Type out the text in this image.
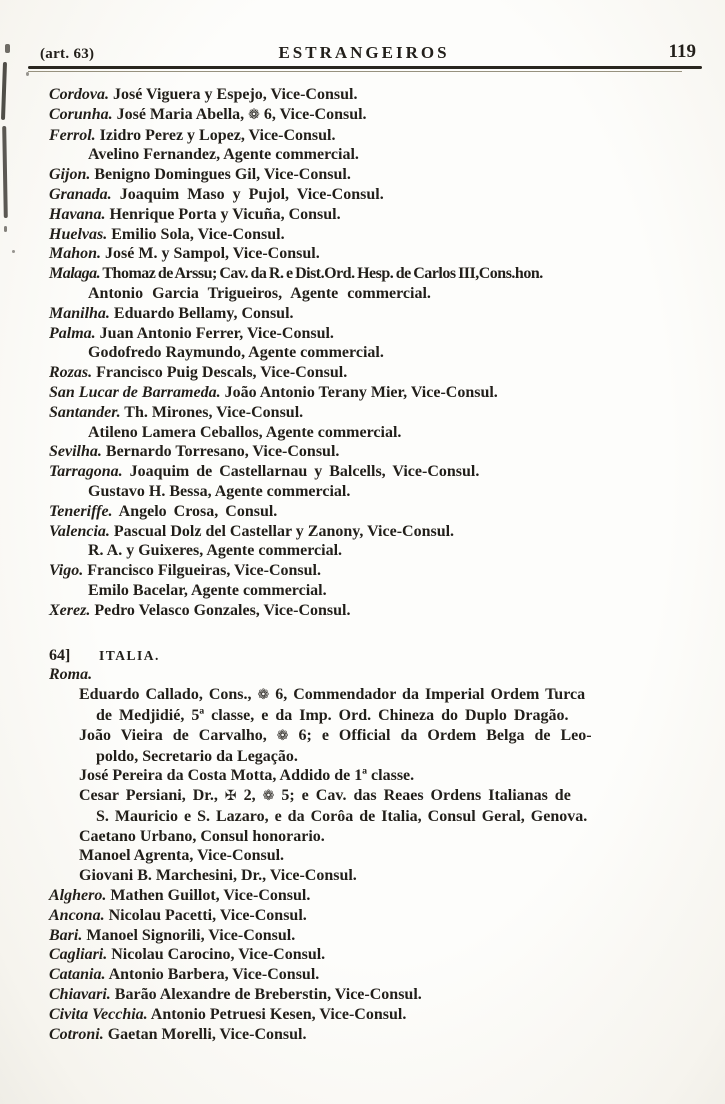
(art. 63)	ESTRANGEIROS	119
Cordova. José Viguera y Espejo, Vice-Consul.
Corunha. José Maria Abella, ❁ 6, Vice-Consul.
Ferrol. Izidro Perez y Lopez, Vice-Consul.
Avelino Fernandez, Agente commercial.
Gijon. Benigno Domingues Gil, Vice-Consul.
Granada. Joaquim Maso y Pujol, Vice-Consul.
Havana. Henrique Porta y Vicuña, Consul.
Huelvas. Emilio Sola, Vice-Consul.
Mahon. José M. y Sampol, Vice-Consul.
Malaga. Thomaz de Arssu; Cav. da R. e Dist.Ord. Hesp. de Carlos III,Cons.hon.
Antonio Garcia Trigueiros, Agente commercial.
Manilha. Eduardo Bellamy, Consul.
Palma. Juan Antonio Ferrer, Vice-Consul.
Godofredo Raymundo, Agente commercial.
Rozas. Francisco Puig Descals, Vice-Consul.
San Lucar de Barrameda. João Antonio Terany Mier, Vice-Consul.
Santander. Th. Mirones, Vice-Consul.
Atileno Lamera Ceballos, Agente commercial.
Sevilha. Bernardo Torresano, Vice-Consul.
Tarragona. Joaquim de Castellarnau y Balcells, Vice-Consul.
Gustavo H. Bessa, Agente commercial.
Teneriffe. Angelo Crosa, Consul.
Valencia. Pascual Dolz del Castellar y Zanony, Vice-Consul.
R. A. y Guixeres, Agente commercial.
Vigo. Francisco Filgueiras, Vice-Consul.
Emilo Bacelar, Agente commercial.
Xerez. Pedro Velasco Gonzales, Vice-Consul.
64] ITALIA.
Roma.
Eduardo Callado, Cons., ❁ 6, Commendador da Imperial Ordem Turca
de Medjidié, 5ª classe, e da Imp. Ord. Chineza do Duplo Dragão.
João Vieira de Carvalho, ❁ 6; e Official da Ordem Belga de Leo-
poldo, Secretario da Legação.
José Pereira da Costa Motta, Addido de 1ª classe.
Cesar Persiani, Dr., ✠ 2, ❁ 5; e Cav. das Reaes Ordens Italianas de
S. Mauricio e S. Lazaro, e da Corôa de Italia, Consul Geral, Genova.
Caetano Urbano, Consul honorario.
Manoel Agrenta, Vice-Consul.
Giovani B. Marchesini, Dr., Vice-Consul.
Alghero. Mathen Guillot, Vice-Consul.
Ancona. Nicolau Pacetti, Vice-Consul.
Bari. Manoel Signorili, Vice-Consul.
Cagliari. Nicolau Carocino, Vice-Consul.
Catania. Antonio Barbera, Vice-Consul.
Chiavari. Barão Alexandre de Breberstin, Vice-Consul.
Civita Vecchia. Antonio Petruesi Kesen, Vice-Consul.
Cotroni. Gaetan Morelli, Vice-Consul.
